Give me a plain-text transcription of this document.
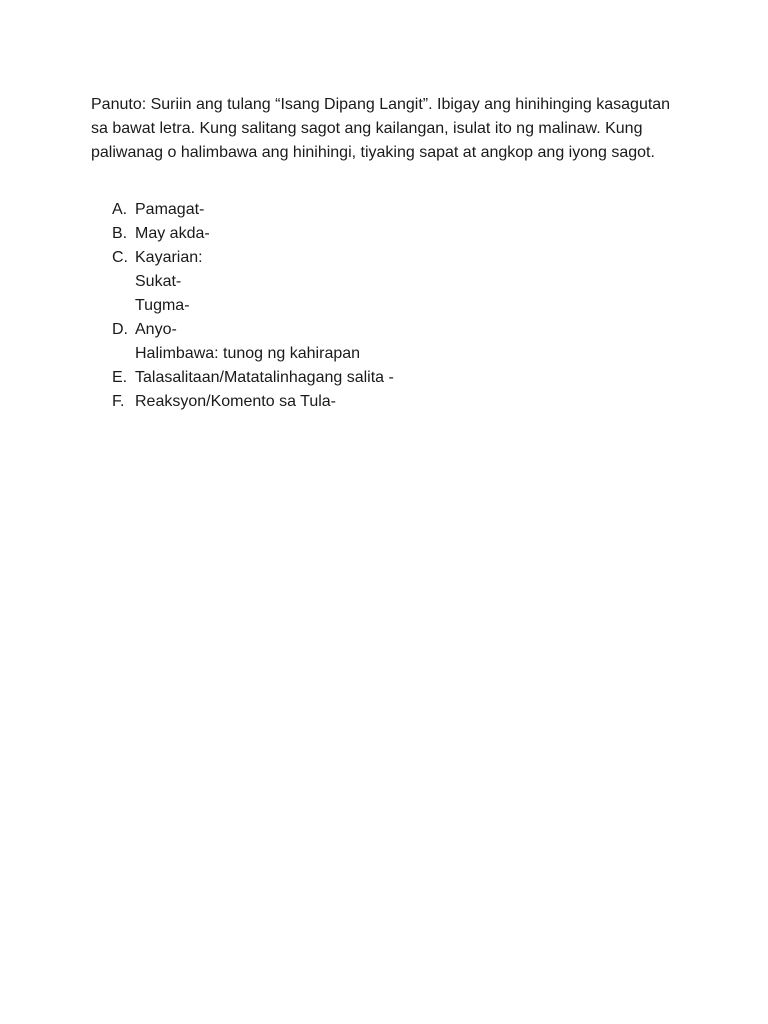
Panuto: Suriin ang tulang “Isang Dipang Langit”. Ibigay ang hinihinging kasagutan
sa bawat letra. Kung salitang sagot ang kailangan, isulat ito ng malinaw. Kung
paliwanag o halimbawa ang hinihingi, tiyaking sapat at angkop ang iyong sagot.

A. Pamagat-
B. May akda-
C. Kayarian:
Sukat-
Tugma-
D. Anyo-
Halimbawa: tunog ng kahirapan
E. Talasalitaan/Matatalinhagang salita -
F. Reaksyon/Komento sa Tula-
